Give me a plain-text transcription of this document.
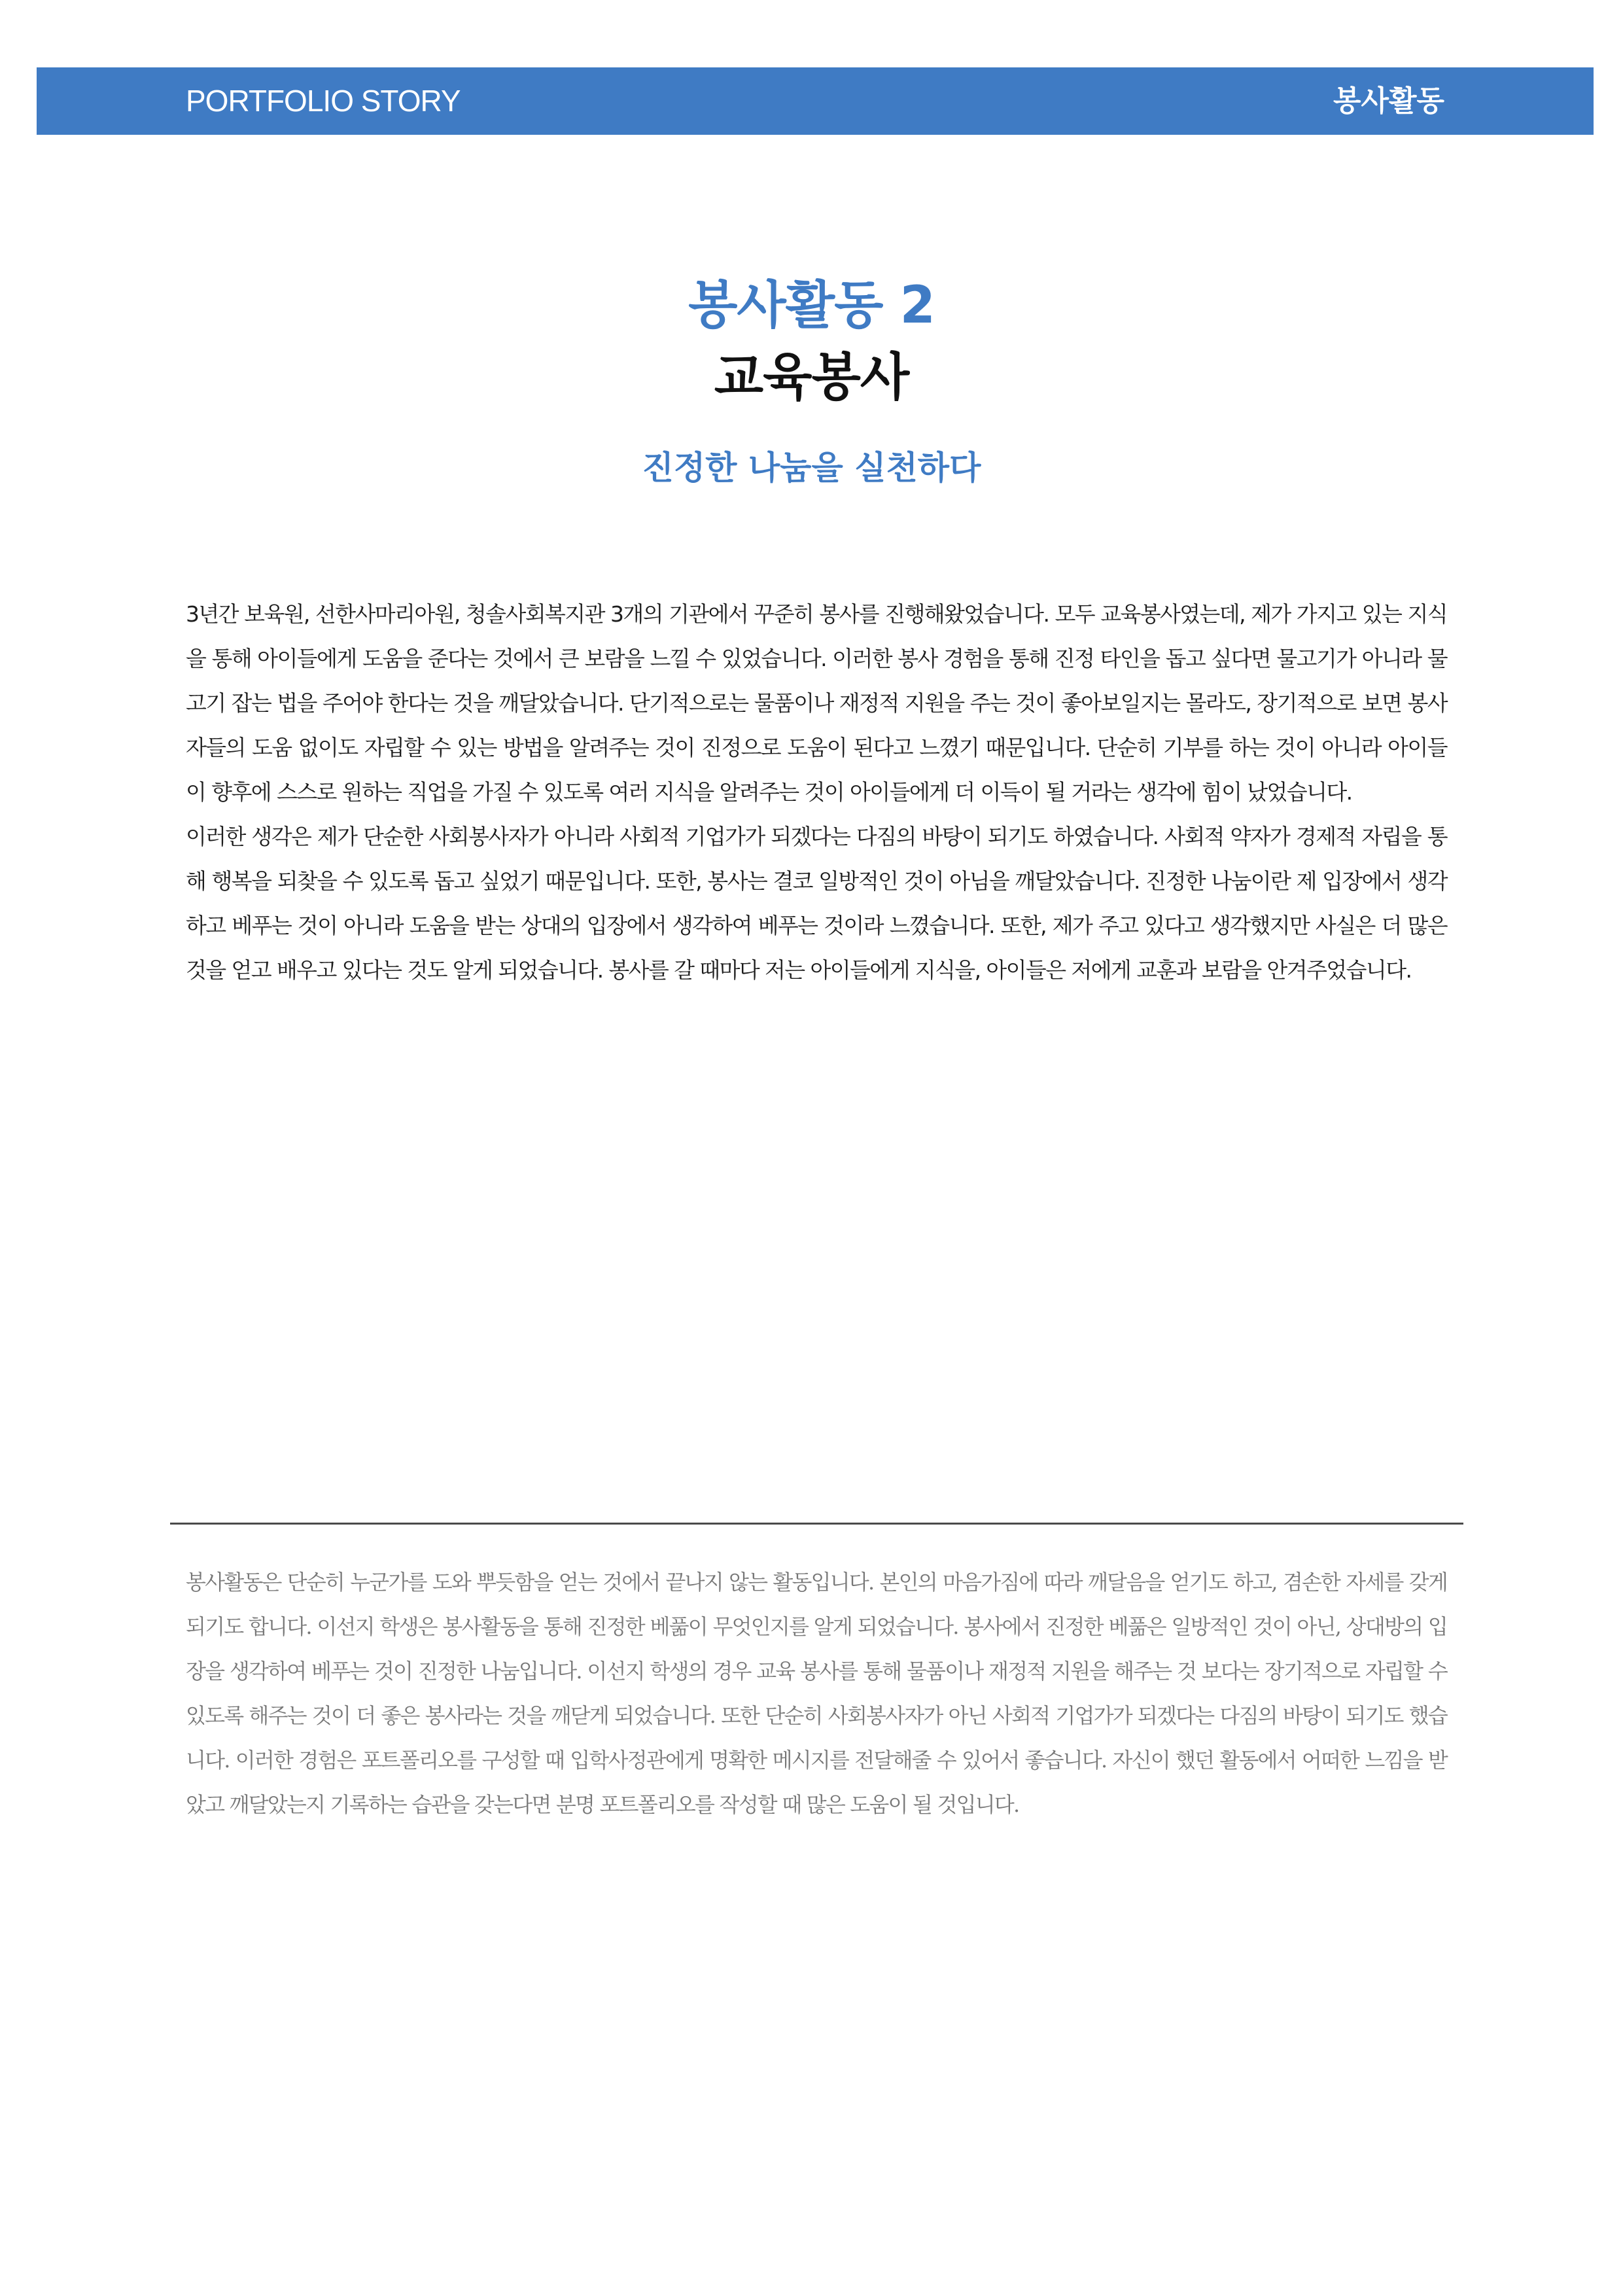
PORTFOLIO STORY	봉사활동
봉사활동 2
교육봉사
진정한 나눔을 실천하다

3년간 보육원, 선한사마리아원, 청솔사회복지관 3개의 기관에서 꾸준히 봉사를 진행해왔었습니다. 모두 교육봉사였는데, 제가 가지고 있는 지식을 통해 아이들에게 도움을 준다는 것에서 큰 보람을 느낄 수 있었습니다. 이러한 봉사 경험을 통해 진정 타인을 돕고 싶다면 물고기가 아니라 물고기 잡는 법을 주어야 한다는 것을 깨달았습니다. 단기적으로는 물품이나 재정적 지원을 주는 것이 좋아보일지는 몰라도, 장기적으로 보면 봉사자들의 도움 없이도 자립할 수 있는 방법을 알려주는 것이 진정으로 도움이 된다고 느꼈기 때문입니다. 단순히 기부를 하는 것이 아니라 아이들이 향후에 스스로 원하는 직업을 가질 수 있도록 여러 지식을 알려주는 것이 아이들에게 더 이득이 될 거라는 생각에 힘이 났었습니다.

이러한 생각은 제가 단순한 사회봉사자가 아니라 사회적 기업가가 되겠다는 다짐의 바탕이 되기도 하였습니다. 사회적 약자가 경제적 자립을 통해 행복을 되찾을 수 있도록 돕고 싶었기 때문입니다. 또한, 봉사는 결코 일방적인 것이 아님을 깨달았습니다. 진정한 나눔이란 제 입장에서 생각하고 베푸는 것이 아니라 도움을 받는 상대의 입장에서 생각하여 베푸는 것이라 느꼈습니다. 또한, 제가 주고 있다고 생각했지만 사실은 더 많은 것을 얻고 배우고 있다는 것도 알게 되었습니다. 봉사를 갈 때마다 저는 아이들에게 지식을, 아이들은 저에게 교훈과 보람을 안겨주었습니다.

봉사활동은 단순히 누군가를 도와 뿌듯함을 얻는 것에서 끝나지 않는 활동입니다. 본인의 마음가짐에 따라 깨달음을 얻기도 하고, 겸손한 자세를 갖게 되기도 합니다. 이선지 학생은 봉사활동을 통해 진정한 베풂이 무엇인지를 알게 되었습니다. 봉사에서 진정한 베풂은 일방적인 것이 아닌, 상대방의 입장을 생각하여 베푸는 것이 진정한 나눔입니다. 이선지 학생의 경우 교육 봉사를 통해 물품이나 재정적 지원을 해주는 것 보다는 장기적으로 자립할 수 있도록 해주는 것이 더 좋은 봉사라는 것을 깨닫게 되었습니다. 또한 단순히 사회봉사자가 아닌 사회적 기업가가 되겠다는 다짐의 바탕이 되기도 했습니다. 이러한 경험은 포트폴리오를 구성할 때 입학사정관에게 명확한 메시지를 전달해줄 수 있어서 좋습니다. 자신이 했던 활동에서 어떠한 느낌을 받았고 깨달았는지 기록하는 습관을 갖는다면 분명 포트폴리오를 작성할 때 많은 도움이 될 것입니다.
